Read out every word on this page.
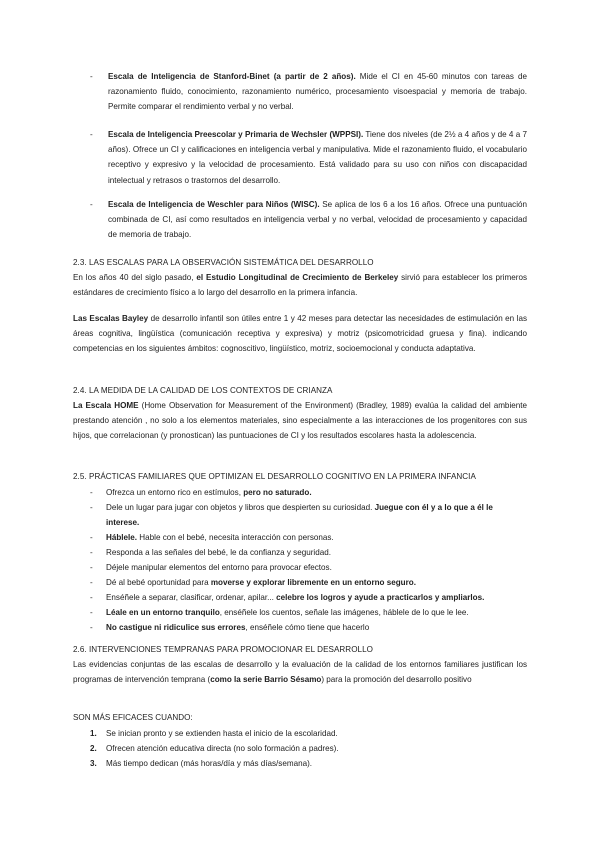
- Escala de Inteligencia de Stanford-Binet (a partir de 2 años). Mide el CI en 45-60 minutos con tareas de razonamiento fluido, conocimiento, razonamiento numérico, procesamiento visoespacial y memoria de trabajo. Permite comparar el rendimiento verbal y no verbal.
- Escala de Inteligencia Preescolar y Primaria de Wechsler (WPPSI). Tiene dos niveles (de 2½ a 4 años y de 4 a 7 años). Ofrece un CI y calificaciones en inteligencia verbal y manipulativa. Mide el razonamiento fluido, el vocabulario receptivo y expresivo y la velocidad de procesamiento. Está validado para su uso con niños con discapacidad intelectual y retrasos o trastornos del desarrollo.
- Escala de Inteligencia de Weschler para Niños (WISC). Se aplica de los 6 a los 16 años. Ofrece una puntuación combinada de CI, así como resultados en inteligencia verbal y no verbal, velocidad de procesamiento y capacidad de memoria de trabajo.
2.3. LAS ESCALAS PARA LA OBSERVACIÓN SISTEMÁTICA DEL DESARROLLO
En los años 40 del siglo pasado, el Estudio Longitudinal de Crecimiento de Berkeley sirvió para establecer los primeros estándares de crecimiento físico a lo largo del desarrollo en la primera infancia.
Las Escalas Bayley de desarrollo infantil son útiles entre 1 y 42 meses para detectar las necesidades de estimulación en las áreas cognitiva, lingüística (comunicación receptiva y expresiva) y motriz (psicomotricidad gruesa y fina). indicando competencias en los siguientes ámbitos: cognoscitivo, lingüístico, motriz, socioemocional y conducta adaptativa.
2.4. LA MEDIDA DE LA CALIDAD DE LOS CONTEXTOS DE CRIANZA
La Escala HOME (Home Observation for Measurement of the Environment) (Bradley, 1989) evalúa la calidad del ambiente prestando atención , no solo a los elementos materiales, sino especialmente a las interacciones de los progenitores con sus hijos, que correlacionan (y pronostican) las puntuaciones de CI y los resultados escolares hasta la adolescencia.
2.5. PRÁCTICAS FAMILIARES QUE OPTIMIZAN EL DESARROLLO COGNITIVO EN LA PRIMERA INFANCIA
- Ofrezca un entorno rico en estímulos, pero no saturado.
- Dele un lugar para jugar con objetos y libros que despierten su curiosidad. Juegue con él y a lo que a él le interese.
- Háblele. Hable con el bebé, necesita interacción con personas.
- Responda a las señales del bebé, le da confianza y seguridad.
- Déjele manipular elementos del entorno para provocar efectos.
- Dé al bebé oportunidad para moverse y explorar libremente en un entorno seguro.
- Enséñele a separar, clasificar, ordenar, apilar... celebre los logros y ayude a practicarlos y ampliarlos.
- Léale en un entorno tranquilo, enséñele los cuentos, señale las imágenes, háblele de lo que le lee.
- No castigue ni ridiculice sus errores, enséñele cómo tiene que hacerlo
2.6. INTERVENCIONES TEMPRANAS PARA PROMOCIONAR EL DESARROLLO
Las evidencias conjuntas de las escalas de desarrollo y la evaluación de la calidad de los entornos familiares justifican los programas de intervención temprana (como la serie Barrio Sésamo) para la promoción del desarrollo positivo
SON MÁS EFICACES CUANDO:
1. Se inician pronto y se extienden hasta el inicio de la escolaridad.
2. Ofrecen atención educativa directa (no solo formación a padres).
3. Más tiempo dedican (más horas/día y más días/semana).
